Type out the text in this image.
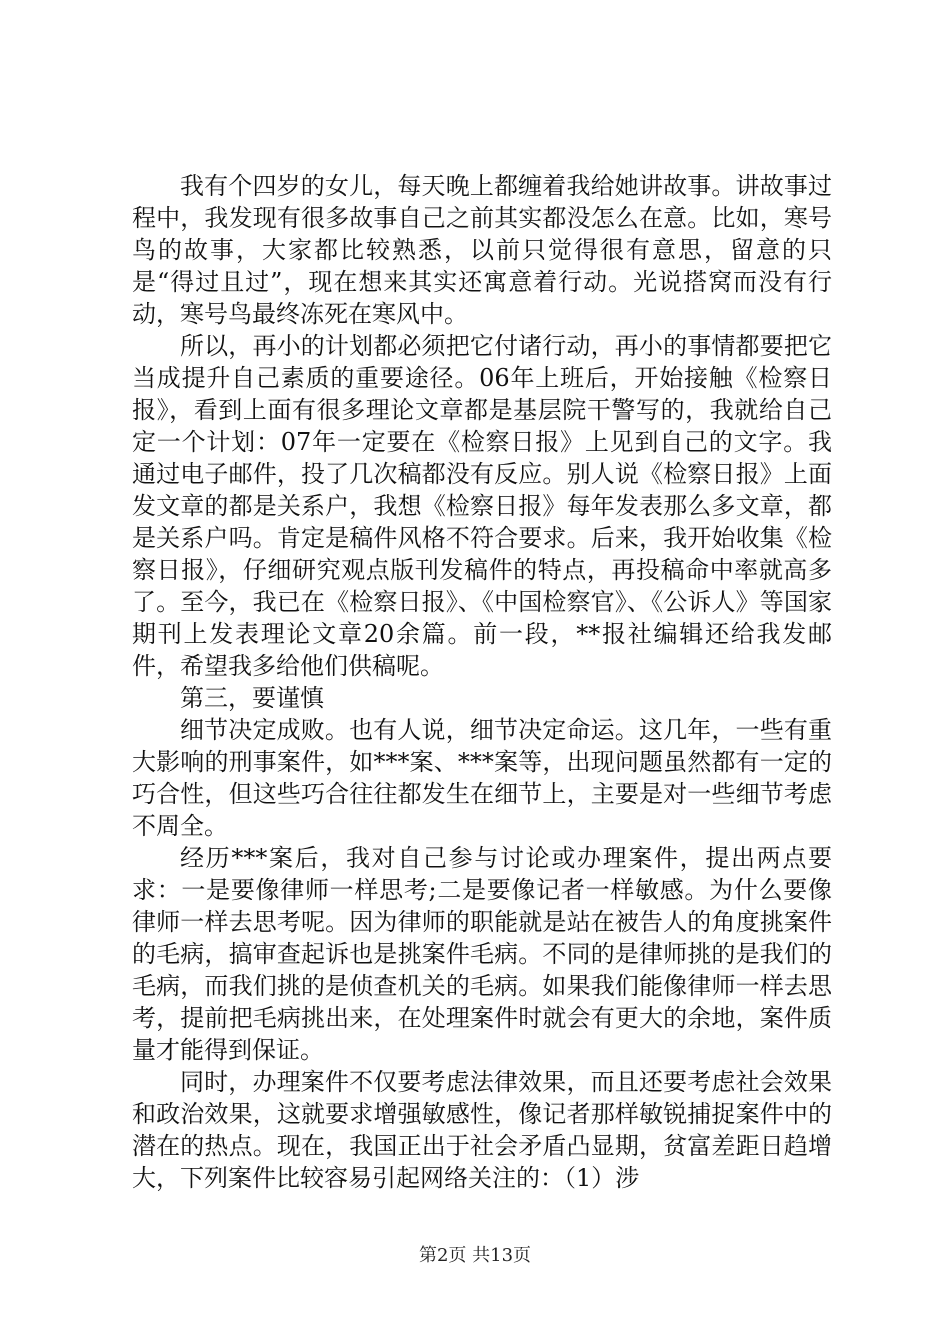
我有个四岁的女儿，每天晚上都缠着我给她讲故事。讲故事过程中，我发现有很多故事自己之前其实都没怎么在意。比如，寒号鸟的故事，大家都比较熟悉，以前只觉得很有意思，留意的只是“得过且过”，现在想来其实还寓意着行动。光说搭窝而没有行动，寒号鸟最终冻死在寒风中。

所以，再小的计划都必须把它付诸行动，再小的事情都要把它当成提升自己素质的重要途径。06年上班后，开始接触《检察日报》，看到上面有很多理论文章都是基层院干警写的，我就给自己定一个计划：07年一定要在《检察日报》上见到自己的文字。我通过电子邮件，投了几次稿都没有反应。别人说《检察日报》上面发文章的都是关系户，我想《检察日报》每年发表那么多文章，都是关系户吗。肯定是稿件风格不符合要求。后来，我开始收集《检察日报》，仔细研究观点版刊发稿件的特点，再投稿命中率就高多了。至今，我已在《检察日报》、《中国检察官》、《公诉人》等国家期刊上发表理论文章20余篇。前一段，**报社编辑还给我发邮件，希望我多给他们供稿呢。

第三，要谨慎

细节决定成败。也有人说，细节决定命运。这几年，一些有重大影响的刑事案件，如***案、***案等，出现问题虽然都有一定的巧合性，但这些巧合往往都发生在细节上，主要是对一些细节考虑不周全。

经历***案后，我对自己参与讨论或办理案件，提出两点要求：一是要像律师一样思考;二是要像记者一样敏感。为什么要像律师一样去思考呢。因为律师的职能就是站在被告人的角度挑案件的毛病，搞审查起诉也是挑案件毛病。不同的是律师挑的是我们的毛病，而我们挑的是侦查机关的毛病。如果我们能像律师一样去思考，提前把毛病挑出来，在处理案件时就会有更大的余地，案件质量才能得到保证。

同时，办理案件不仅要考虑法律效果，而且还要考虑社会效果和政治效果，这就要求增强敏感性，像记者那样敏锐捕捉案件中的潜在的热点。现在，我国正出于社会矛盾凸显期，贫富差距日趋增大，下列案件比较容易引起网络关注的：（1）涉

第2页 共13页
